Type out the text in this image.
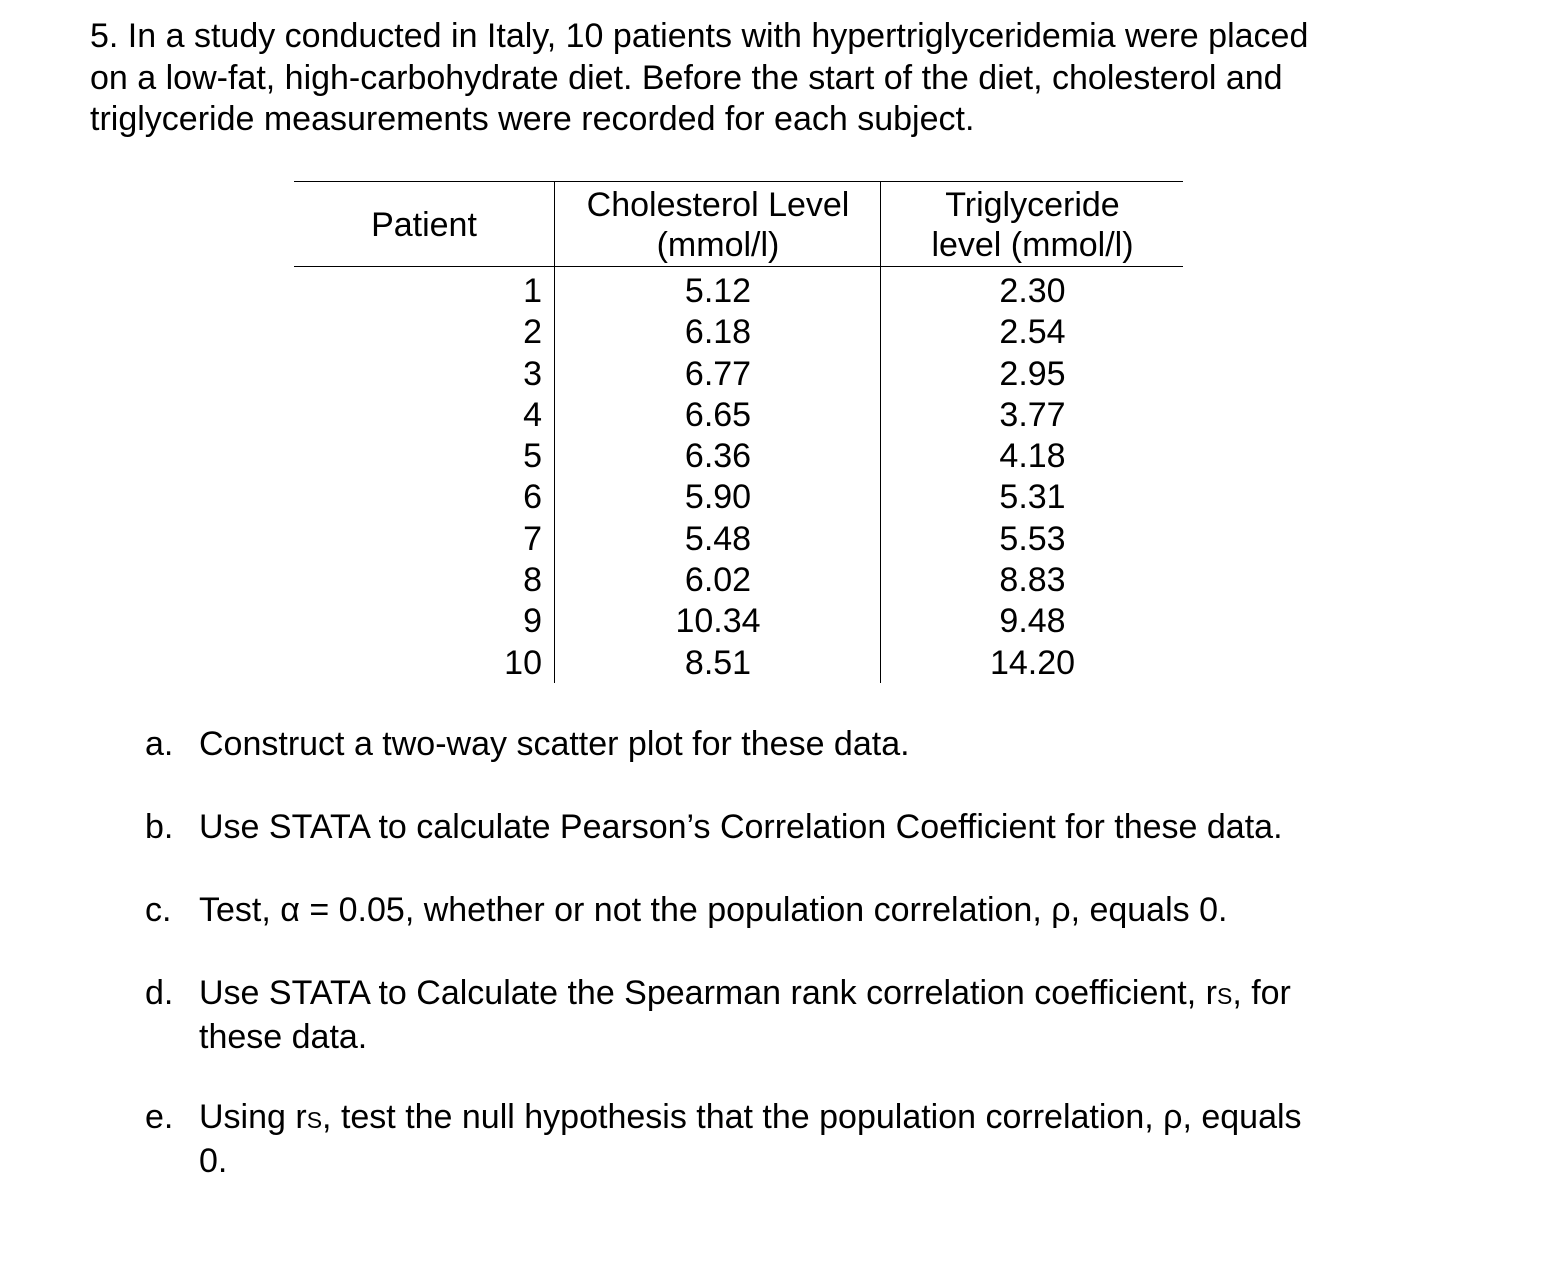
5. In a study conducted in Italy, 10 patients with hypertriglyceridemia were placed
on a low-fat, high-carbohydrate diet. Before the start of the diet, cholesterol and
triglyceride measurements were recorded for each subject.
Patient
Cholesterol Level
(mmol/l)
Triglyceride
level (mmol/l)
1
2
3
4
5
6
7
8
9
10
5.12
6.18
6.77
6.65
6.36
5.90
5.48
6.02
10.34
8.51
2.30
2.54
2.95
3.77
4.18
5.31
5.53
8.83
9.48
14.20
a. Construct a two-way scatter plot for these data.
b. Use STATA to calculate Pearson’s Correlation Coefficient for these data.
c. Test, α = 0.05, whether or not the population correlation, ρ, equals 0.
d. Use STATA to Calculate the Spearman rank correlation coefficient, rS, for
these data.
e. Using rS, test the null hypothesis that the population correlation, ρ, equals
0.
